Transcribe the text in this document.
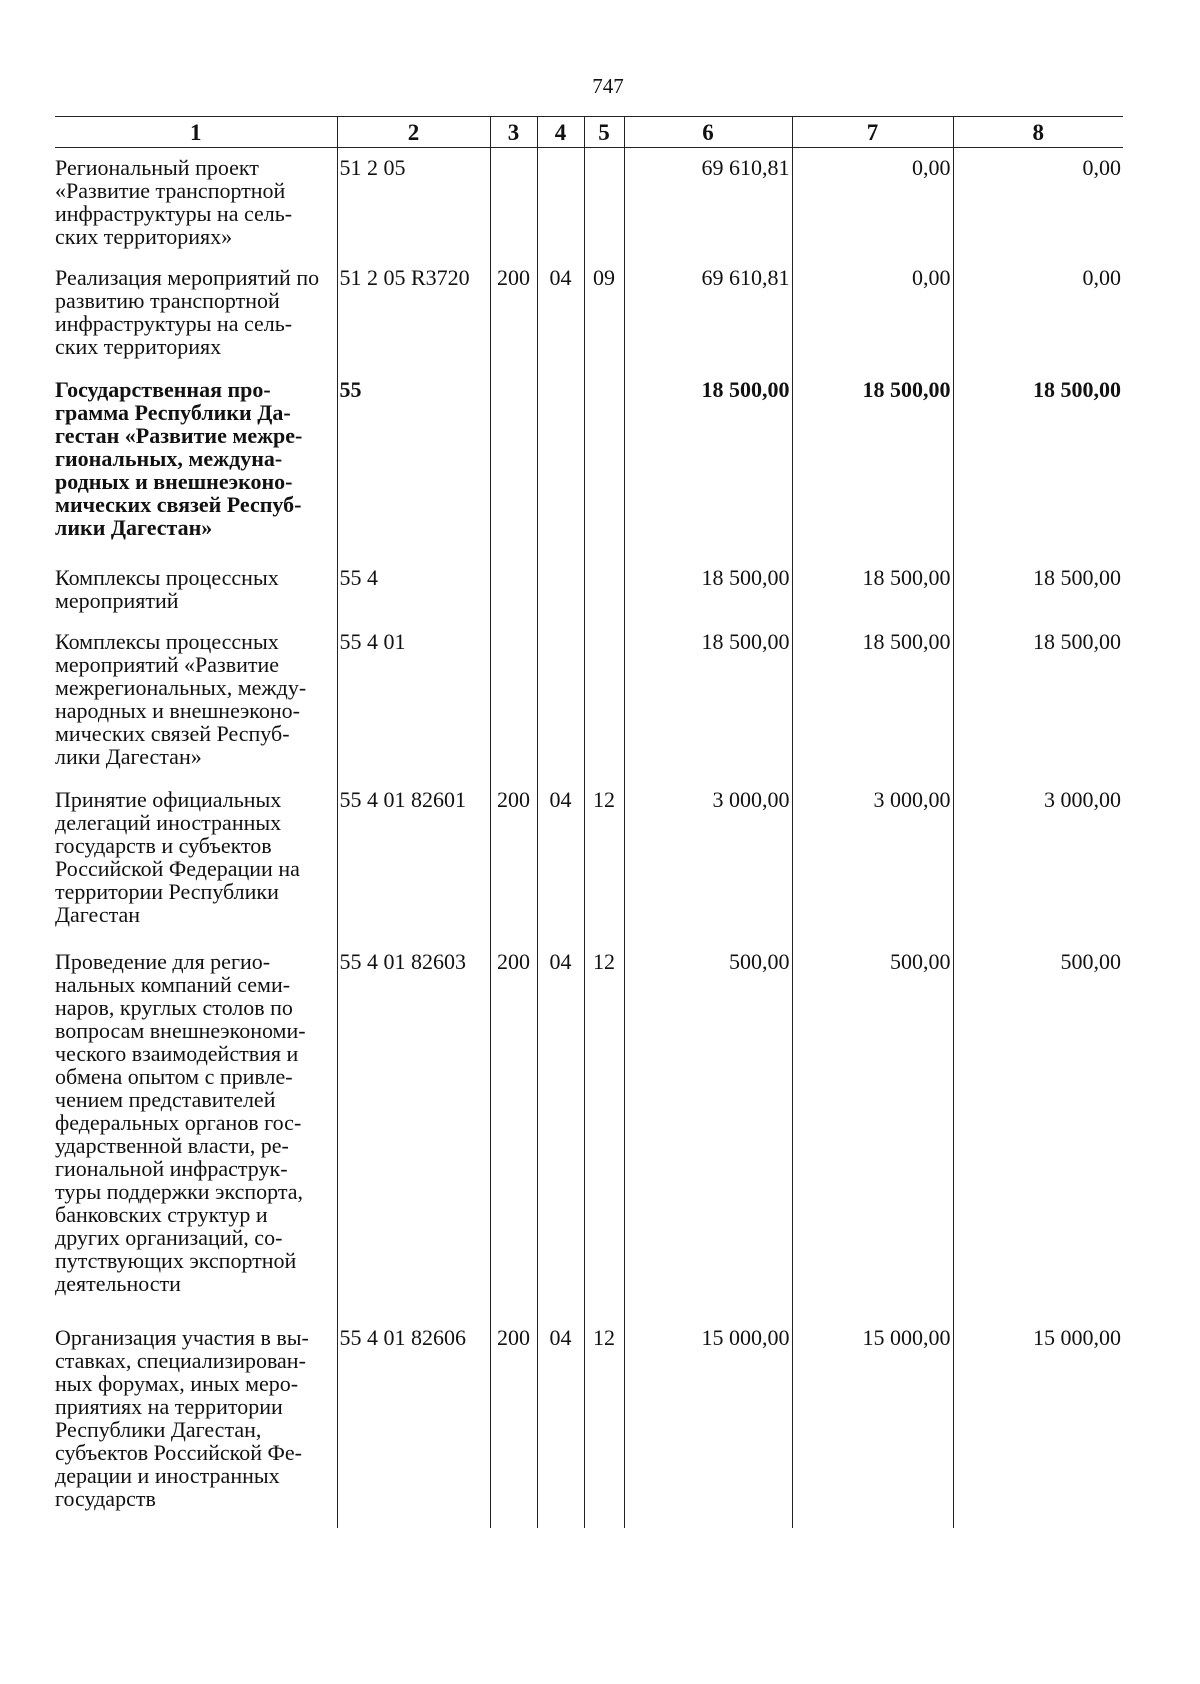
747
1	2	3	4	5	6	7	8

Региональный проект «Развитие транспортной инфраструктуры на сель-ских территориях»	51 2 05				69 610,81	0,00	0,00

Реализация мероприятий по развитию транспортной инфраструктуры на сель-ских территориях	51 2 05 R3720	200	04	09	69 610,81	0,00	0,00

Государственная про-грамма Республики Да-гестан «Развитие межре-гиональных, междуна-родных и внешнеэконо-мических связей Респуб-лики Дагестан»	55				18 500,00	18 500,00	18 500,00

Комплексы процессных мероприятий	55 4				18 500,00	18 500,00	18 500,00

Комплексы процессных мероприятий «Развитие межрегиональных, между-народных и внешнеэконо-мических связей Респуб-лики Дагестан»	55 4 01				18 500,00	18 500,00	18 500,00

Принятие официальных делегаций иностранных государств и субъектов Российской Федерации на территории Республики Дагестан	55 4 01 82601	200	04	12	3 000,00	3 000,00	3 000,00

Проведение для регио-нальных компаний семи-наров, круглых столов по вопросам внешнеэкономи-ческого взаимодействия и обмена опытом с привле-чением представителей федеральных органов гос-ударственной власти, ре-гиональной инфраструк-туры поддержки экспорта, банковских структур и других организаций, со-путствующих экспортной деятельности	55 4 01 82603	200	04	12	500,00	500,00	500,00

Организация участия в вы-ставках, специализирован-ных форумах, иных меро-приятиях на территории Республики Дагестан, субъектов Российской Фе-дерации и иностранных государств	55 4 01 82606	200	04	12	15 000,00	15 000,00	15 000,00
